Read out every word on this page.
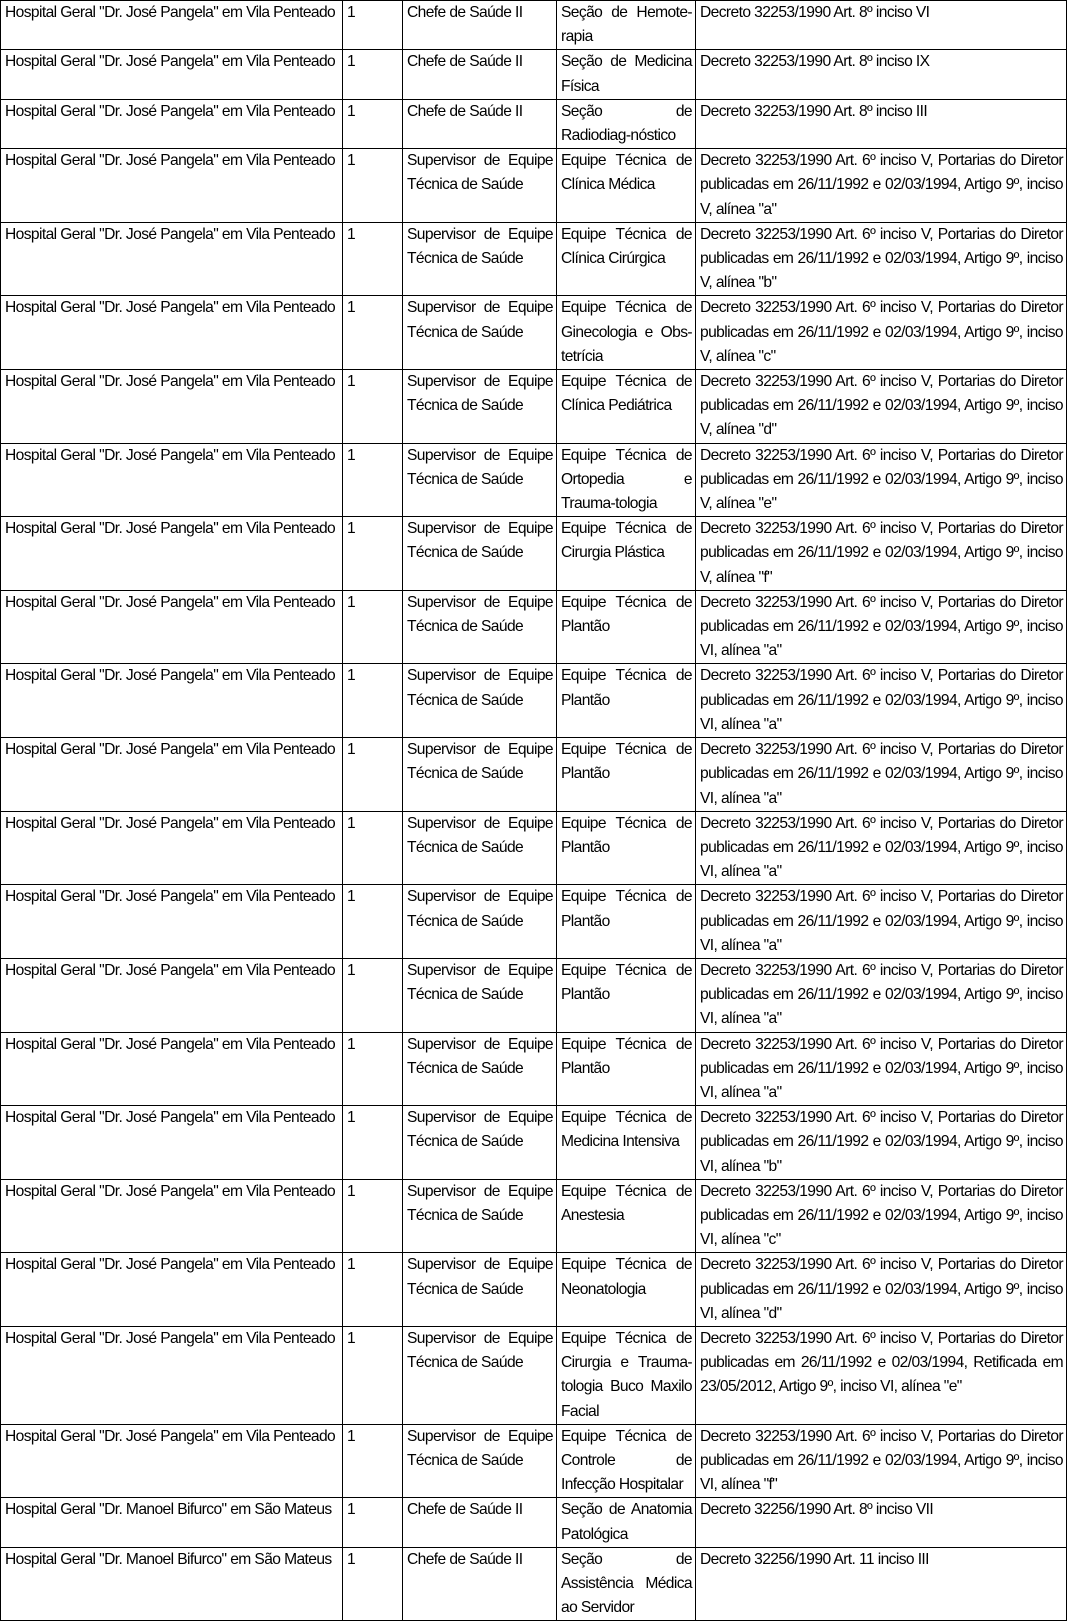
Hospital Geral "Dr. José Pangela" em Vila Penteado	1	Chefe de Saúde II	Seção de Hemote-rapia	Decreto 32253/1990 Art. 8º inciso VI
Hospital Geral "Dr. José Pangela" em Vila Penteado	1	Chefe de Saúde II	Seção de Medicina Física	Decreto 32253/1990 Art. 8º inciso IX
Hospital Geral "Dr. José Pangela" em Vila Penteado	1	Chefe de Saúde II	Seção de Radiodiag-nóstico	Decreto 32253/1990 Art. 8º inciso III
Hospital Geral "Dr. José Pangela" em Vila Penteado	1	Supervisor de Equipe Técnica de Saúde	Equipe Técnica de Clínica Médica	Decreto 32253/1990 Art. 6º inciso V, Portarias do Diretor publicadas em 26/11/1992 e 02/03/1994, Artigo 9º, inciso V, alínea "a"
Hospital Geral "Dr. José Pangela" em Vila Penteado	1	Supervisor de Equipe Técnica de Saúde	Equipe Técnica de Clínica Cirúrgica	Decreto 32253/1990 Art. 6º inciso V, Portarias do Diretor publicadas em 26/11/1992 e 02/03/1994, Artigo 9º, inciso V, alínea "b"
Hospital Geral "Dr. José Pangela" em Vila Penteado	1	Supervisor de Equipe Técnica de Saúde	Equipe Técnica de Ginecologia e Obs-tetrícia	Decreto 32253/1990 Art. 6º inciso V, Portarias do Diretor publicadas em 26/11/1992 e 02/03/1994, Artigo 9º, inciso V, alínea "c"
Hospital Geral "Dr. José Pangela" em Vila Penteado	1	Supervisor de Equipe Técnica de Saúde	Equipe Técnica de Clínica Pediátrica	Decreto 32253/1990 Art. 6º inciso V, Portarias do Diretor publicadas em 26/11/1992 e 02/03/1994, Artigo 9º, inciso V, alínea "d"
Hospital Geral "Dr. José Pangela" em Vila Penteado	1	Supervisor de Equipe Técnica de Saúde	Equipe Técnica de Ortopedia e Trauma-tologia	Decreto 32253/1990 Art. 6º inciso V, Portarias do Diretor publicadas em 26/11/1992 e 02/03/1994, Artigo 9º, inciso V, alínea "e"
Hospital Geral "Dr. José Pangela" em Vila Penteado	1	Supervisor de Equipe Técnica de Saúde	Equipe Técnica de Cirurgia Plástica	Decreto 32253/1990 Art. 6º inciso V, Portarias do Diretor publicadas em 26/11/1992 e 02/03/1994, Artigo 9º, inciso V, alínea "f"
Hospital Geral "Dr. José Pangela" em Vila Penteado	1	Supervisor de Equipe Técnica de Saúde	Equipe Técnica de Plantão	Decreto 32253/1990 Art. 6º inciso V, Portarias do Diretor publicadas em 26/11/1992 e 02/03/1994, Artigo 9º, inciso VI, alínea "a"
Hospital Geral "Dr. José Pangela" em Vila Penteado	1	Supervisor de Equipe Técnica de Saúde	Equipe Técnica de Plantão	Decreto 32253/1990 Art. 6º inciso V, Portarias do Diretor publicadas em 26/11/1992 e 02/03/1994, Artigo 9º, inciso VI, alínea "a"
Hospital Geral "Dr. José Pangela" em Vila Penteado	1	Supervisor de Equipe Técnica de Saúde	Equipe Técnica de Plantão	Decreto 32253/1990 Art. 6º inciso V, Portarias do Diretor publicadas em 26/11/1992 e 02/03/1994, Artigo 9º, inciso VI, alínea "a"
Hospital Geral "Dr. José Pangela" em Vila Penteado	1	Supervisor de Equipe Técnica de Saúde	Equipe Técnica de Plantão	Decreto 32253/1990 Art. 6º inciso V, Portarias do Diretor publicadas em 26/11/1992 e 02/03/1994, Artigo 9º, inciso VI, alínea "a"
Hospital Geral "Dr. José Pangela" em Vila Penteado	1	Supervisor de Equipe Técnica de Saúde	Equipe Técnica de Plantão	Decreto 32253/1990 Art. 6º inciso V, Portarias do Diretor publicadas em 26/11/1992 e 02/03/1994, Artigo 9º, inciso VI, alínea "a"
Hospital Geral "Dr. José Pangela" em Vila Penteado	1	Supervisor de Equipe Técnica de Saúde	Equipe Técnica de Plantão	Decreto 32253/1990 Art. 6º inciso V, Portarias do Diretor publicadas em 26/11/1992 e 02/03/1994, Artigo 9º, inciso VI, alínea "a"
Hospital Geral "Dr. José Pangela" em Vila Penteado	1	Supervisor de Equipe Técnica de Saúde	Equipe Técnica de Plantão	Decreto 32253/1990 Art. 6º inciso V, Portarias do Diretor publicadas em 26/11/1992 e 02/03/1994, Artigo 9º, inciso VI, alínea "a"
Hospital Geral "Dr. José Pangela" em Vila Penteado	1	Supervisor de Equipe Técnica de Saúde	Equipe Técnica de Medicina Intensiva	Decreto 32253/1990 Art. 6º inciso V, Portarias do Diretor publicadas em 26/11/1992 e 02/03/1994, Artigo 9º, inciso VI, alínea "b"
Hospital Geral "Dr. José Pangela" em Vila Penteado	1	Supervisor de Equipe Técnica de Saúde	Equipe Técnica de Anestesia	Decreto 32253/1990 Art. 6º inciso V, Portarias do Diretor publicadas em 26/11/1992 e 02/03/1994, Artigo 9º, inciso VI, alínea "c"
Hospital Geral "Dr. José Pangela" em Vila Penteado	1	Supervisor de Equipe Técnica de Saúde	Equipe Técnica de Neonatologia	Decreto 32253/1990 Art. 6º inciso V, Portarias do Diretor publicadas em 26/11/1992 e 02/03/1994, Artigo 9º, inciso VI, alínea "d"
Hospital Geral "Dr. José Pangela" em Vila Penteado	1	Supervisor de Equipe Técnica de Saúde	Equipe Técnica de Cirurgia e Trauma-tologia Buco Maxilo Facial	Decreto 32253/1990 Art. 6º inciso V, Portarias do Diretor publicadas em 26/11/1992 e 02/03/1994, Retificada em 23/05/2012, Artigo 9º, inciso VI, alínea "e"
Hospital Geral "Dr. José Pangela" em Vila Penteado	1	Supervisor de Equipe Técnica de Saúde	Equipe Técnica de Controle de Infecção Hospitalar	Decreto 32253/1990 Art. 6º inciso V, Portarias do Diretor publicadas em 26/11/1992 e 02/03/1994, Artigo 9º, inciso VI, alínea "f"
Hospital Geral "Dr. Manoel Bifurco" em São Mateus	1	Chefe de Saúde II	Seção de Anatomia Patológica	Decreto 32256/1990 Art. 8º inciso VII
Hospital Geral "Dr. Manoel Bifurco" em São Mateus	1	Chefe de Saúde II	Seção de Assistência Médica ao Servidor	Decreto 32256/1990 Art. 11 inciso III
